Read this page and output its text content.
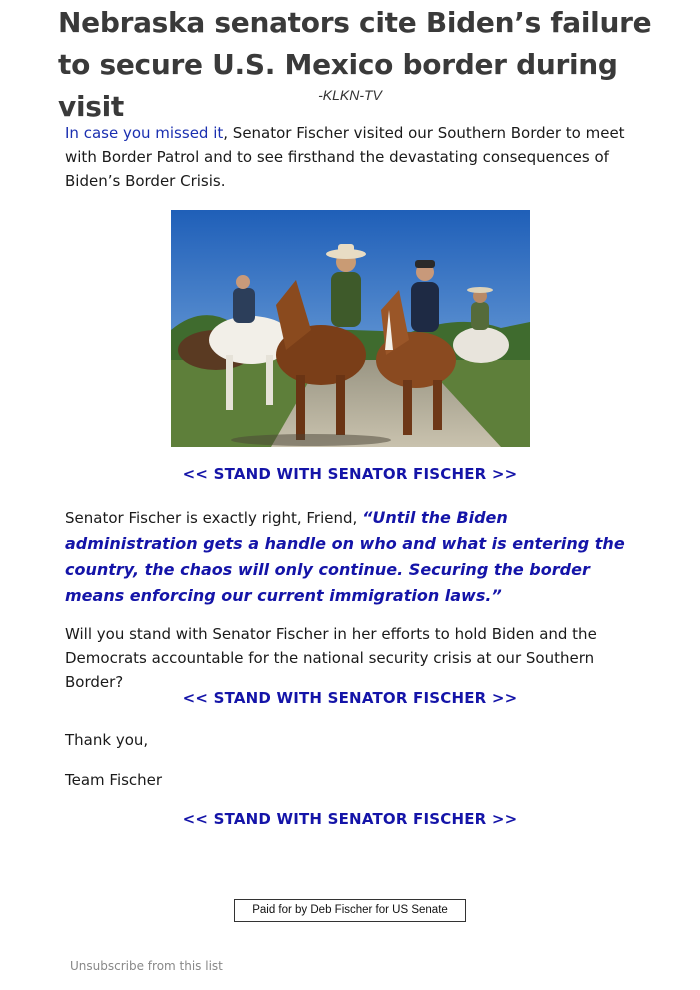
Nebraska senators cite Biden’s failure to secure U.S. Mexico border during visit	-KLKN-TV
In case you missed it, Senator Fischer visited our Southern Border to meet with Border Patrol and to see firsthand the devastating consequences of Biden’s Border Crisis.
<< STAND WITH SENATOR FISCHER >>
Senator Fischer is exactly right, Friend, “Until the Biden administration gets a handle on who and what is entering the country, the chaos will only continue. Securing the border means enforcing our current immigration laws.”
Will you stand with Senator Fischer in her efforts to hold Biden and the Democrats accountable for the national security crisis at our Southern Border?
<< STAND WITH SENATOR FISCHER >>
Thank you,
Team Fischer
<< STAND WITH SENATOR FISCHER >>
Paid for by Deb Fischer for US Senate
Unsubscribe from this list
